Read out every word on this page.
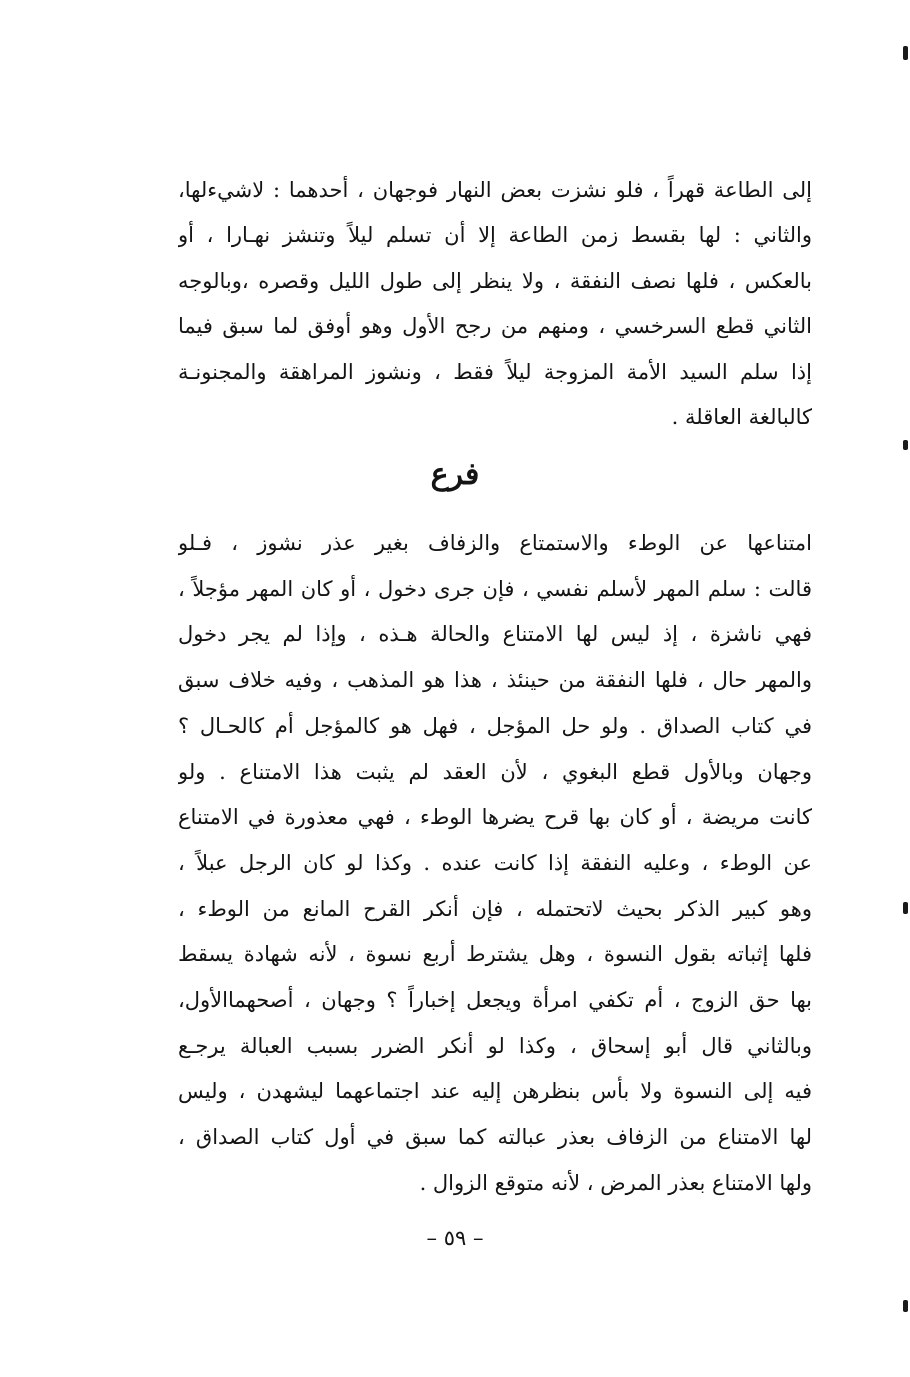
إلى الطاعة قهراً ، فلو نشزت بعض النهار فوجهان ، أحدهما : لاشيءلها،
والثاني : لها بقسط زمن الطاعة إلا أن تسلم ليلاً وتنشز نهـارا ، أو
بالعكس ، فلها نصف النفقة ، ولا ينظر إلى طول الليل وقصره ،وبالوجه
الثاني قطع السرخسي ، ومنهم من رجح الأول وهو أوفق لما سبق فيما
إذا سلم السيد الأمة المزوجة ليلاً فقط ، ونشوز المراهقة والمجنونـة
كالبالغة العاقلة .
فرع
امتناعها عن الوطء والاستمتاع والزفاف بغير عذر نشوز ، فـلو
قالت : سلم المهر لأسلم نفسي ، فإن جرى دخول ، أو كان المهر مؤجلاً ،
فهي ناشزة ، إذ ليس لها الامتناع والحالة هـذه ، وإذا لم يجر دخول
والمهر حال ، فلها النفقة من حينئذ ، هذا هو المذهب ، وفيه خلاف سبق
في كتاب الصداق . ولو حل المؤجل ، فهل هو كالمؤجل أم كالحـال ؟
وجهان وبالأول قطع البغوي ، لأن العقد لم يثبت هذا الامتناع . ولو
كانت مريضة ، أو كان بها قرح يضرها الوطء ، فهي معذورة في الامتناع
عن الوطء ، وعليه النفقة إذا كانت عنده . وكذا لو كان الرجل عبلاً ،
وهو كبير الذكر بحيث لاتحتمله ، فإن أنكر القرح المانع من الوطء ،
فلها إثباته بقول النسوة ، وهل يشترط أربع نسوة ، لأنه شهادة يسقط
بها حق الزوج ، أم تكفي امرأة ويجعل إخباراً ؟ وجهان ، أصحهماالأول،
وبالثاني قال أبو إسحاق ، وكذا لو أنكر الضرر بسبب العبالة يرجـع
فيه إلى النسوة ولا بأس بنظرهن إليه عند اجتماعهما ليشهدن ، وليس
لها الامتناع من الزفاف بعذر عبالته كما سبق في أول كتاب الصداق ،
ولها الامتناع بعذر المرض ، لأنه متوقع الزوال .
– ٥٩ –
